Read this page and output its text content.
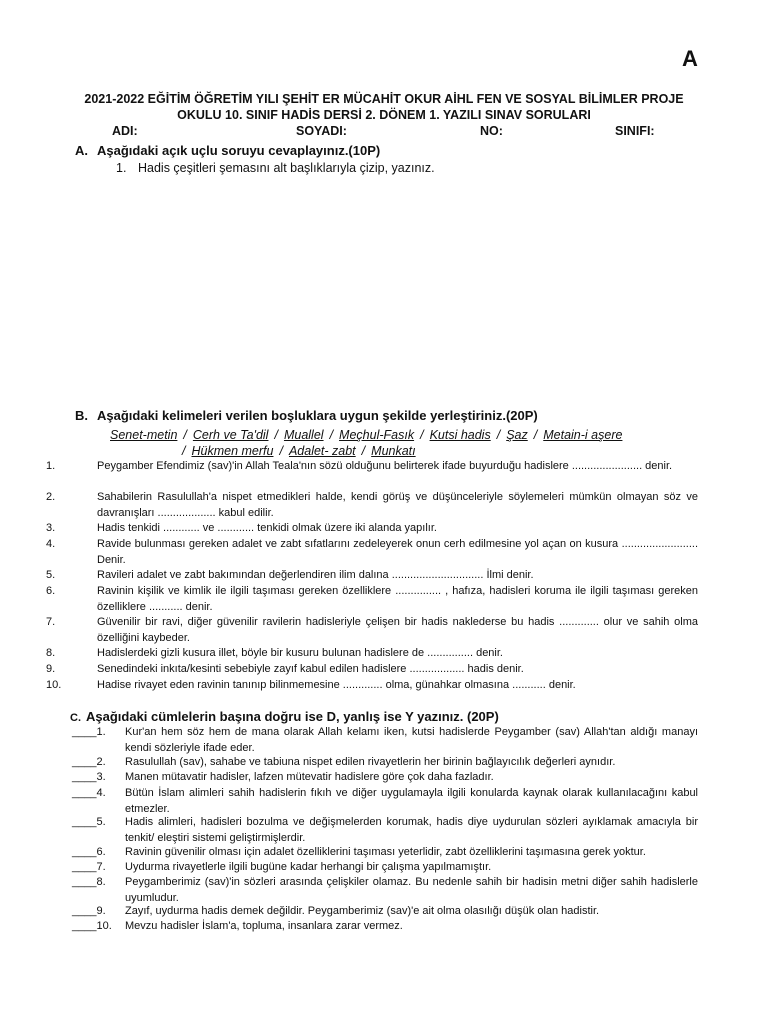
A
2021-2022 EĞİTİM ÖĞRETİM YILI ŞEHİT ER MÜCAHİT OKUR AİHL FEN VE SOSYAL BİLİMLER PROJE
OKULU 10. SINIF HADİS DERSİ 2. DÖNEM 1. YAZILI SINAV SORULARI
ADI:	SOYADI:	NO:	SINIFI:
A. Aşağıdaki açık uçlu soruyu cevaplayınız.(10P)
1. Hadis çeşitleri şemasını alt başlıklarıyla çizip, yazınız.
B. Aşağıdaki kelimeleri verilen boşluklara uygun şekilde yerleştiriniz.(20P)
Senet-metin / Cerh ve Ta'dil / Muallel / Meçhul-Fasık / Kutsi hadis / Şaz / Metain-i aşere
/ Hükmen merfu / Adalet- zabt / Munkatı
1.	Peygamber Efendimiz (sav)'in Allah Teala'nın sözü olduğunu belirterek ifade buyurduğu hadislere ....................... denir.
2.	Sahabilerin Rasulullah'a nispet etmedikleri halde, kendi görüş ve düşünceleriyle söylemeleri mümkün olmayan söz ve davranışları ................... kabul edilir.
3.	Hadis tenkidi ............ ve ............ tenkidi olmak üzere iki alanda yapılır.
4.	Ravide bulunması gereken adalet ve zabt sıfatlarını zedeleyerek onun cerh edilmesine yol açan on kusura ......................... Denir.
5.	Ravileri adalet ve zabt bakımından değerlendiren ilim dalına .............................. İlmi denir.
6.	Ravinin kişilik ve kimlik ile ilgili taşıması gereken özelliklere ............... , hafıza, hadisleri koruma ile ilgili taşıması gereken özelliklere ........... denir.
7.	Güvenilir bir ravi, diğer güvenilir ravilerin hadisleriyle çelişen bir hadis naklederse bu hadis ............. olur ve sahih olma özelliğini kaybeder.
8.	Hadislerdeki gizli kusura illet, böyle bir kusuru bulunan hadislere de ............... denir.
9.	Senedindeki inkıta/kesinti sebebiyle zayıf kabul edilen hadislere .................. hadis denir.
10.	Hadise rivayet eden ravinin tanınıp bilinmemesine ............. olma, günahkar olmasına ........... denir.
C. Aşağıdaki cümlelerin başına doğru ise D, yanlış ise Y yazınız. (20P)
____1. Kur'an hem söz hem de mana olarak Allah kelamı iken, kutsi hadislerde Peygamber (sav) Allah'tan aldığı manayı kendi sözleriyle ifade eder.
____2. Rasulullah (sav), sahabe ve tabiuna nispet edilen rivayetlerin her birinin bağlayıcılık değerleri aynıdır.
____3. Manen mütavatir hadisler, lafzen mütevatir hadislere göre çok daha fazladır.
____4. Bütün İslam alimleri sahih hadislerin fıkıh ve diğer uygulamayla ilgili konularda kaynak olarak kullanılacağını kabul etmezler.
____5. Hadis alimleri, hadisleri bozulma ve değişmelerden korumak, hadis diye uydurulan sözleri ayıklamak amacıyla bir tenkit/ eleştiri sistemi geliştirmişlerdir.
____6. Ravinin güvenilir olması için adalet özelliklerini taşıması yeterlidir, zabt özelliklerini taşımasına gerek yoktur.
____7. Uydurma rivayetlerle ilgili bugüne kadar herhangi bir çalışma yapılmamıştır.
____8. Peygamberimiz (sav)'in sözleri arasında çelişkiler olamaz. Bu nedenle sahih bir hadisin metni diğer sahih hadislerle uyumludur.
____9. Zayıf, uydurma hadis demek değildir. Peygamberimiz (sav)'e ait olma olasılığı düşük olan hadistir.
____10. Mevzu hadisler İslam'a, topluma, insanlara zarar vermez.
